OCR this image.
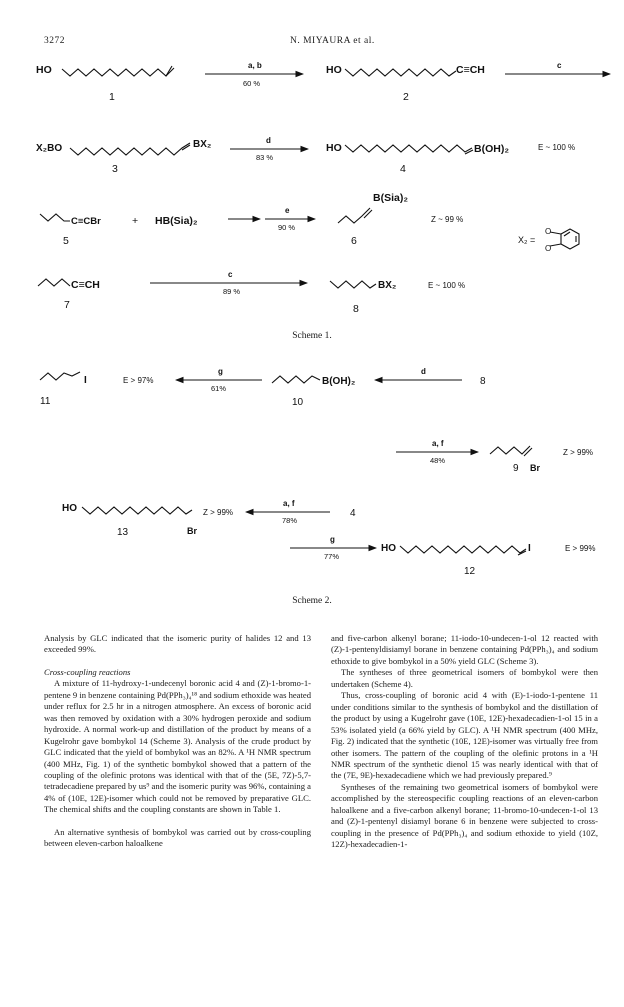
3272	N. MIYAURA et al.
HO
1
a, b
60 %
HO	C≡CH
2
c
X₂BO	BX₂
3
d
83 %
HO	B(OH)₂
4
E ~ 100 %
C≡CBr	+ HB(Sia)₂
5
e
90 %
B(Sia)₂
6
Z ~ 99 %
X₂ =
O
O
C≡CH
7
c
89 %
BX₂
8
E ~ 100 %
I
11
E > 97%
g
61%
B(OH)₂
10
d
8
a, f
48%
Br
9
Z > 99%
HO
Br
13
Z > 99%
a, f
78%
4
g
77%
HO	I
12
E > 99%
Scheme 1.
Scheme 2.

Analysis by GLC indicated that the isomeric purity of halides 12 and 13 exceeded 99%.

Cross-coupling reactions

A mixture of 11-hydroxy-1-undecenyl boronic acid 4 and (Z)-1-bromo-1-pentene 9 in benzene containing Pd(PPh₃)₄¹⁸ and sodium ethoxide was heated under reflux for 2.5 hr in a nitrogen atmosphere. An excess of boronic acid was then removed by oxidation with a 30% hydrogen peroxide and sodium hydroxide. A normal work-up and distillation of the product by means of a Kugelrohr gave bombykol 14 (Scheme 3). Analysis of the crude product by GLC indicated that the yield of bombykol was an 82%. A ¹H NMR spectrum (400 MHz, Fig. 1) of the synthetic bombykol showed that a pattern of the coupling of the olefinic protons was identical with that of the (5E, 7Z)-5,7-tetradecadiene prepared by us⁹ and the isomeric purity was 96%, containing a 4% of (10E, 12E)-isomer which could not be removed by preparative GLC. The chemical shifts and the coupling constants are shown in Table 1.

An alternative synthesis of bombykol was carried out by cross-coupling between eleven-carbon haloalkene

and five-carbon alkenyl borane; 11-iodo-10-undecen-1-ol 12 reacted with (Z)-1-pentenyldisiamyl borane in benzene containing Pd(PPh₃)₄ and sodium ethoxide to give bombykol in a 50% yield GLC (Scheme 3).

The syntheses of three geometrical isomers of bombykol were then undertaken (Scheme 4).

Thus, cross-coupling of boronic acid 4 with (E)-1-iodo-1-pentene 11 under conditions similar to the synthesis of bombykol and the distillation of the product by using a Kugelrohr gave (10E, 12E)-hexadecadien-1-ol 15 in a 53% isolated yield (a 66% yield by GLC). A ¹H NMR spectrum (400 MHz, Fig. 2) indicated that the synthetic (10E, 12E)-isomer was virtually free from other isomers. The pattern of the coupling of the olefinic protons in a ¹H NMR spectrum of the synthetic dienol 15 was nearly identical with that of the (7E, 9E)-hexadecadiene which we had previously prepared.⁹

Syntheses of the remaining two geometrical isomers of bombykol were accomplished by the stereospecific coupling reactions of an eleven-carbon haloalkene and a five-carbon alkenyl borane; 11-bromo-10-undecen-1-ol 13 and (Z)-1-pentenyl disiamyl borane 6 in benzene were subjected to cross-coupling in the presence of Pd(PPh₃)₄ and sodium ethoxide to yield (10Z, 12Z)-hexadecadien-1-
